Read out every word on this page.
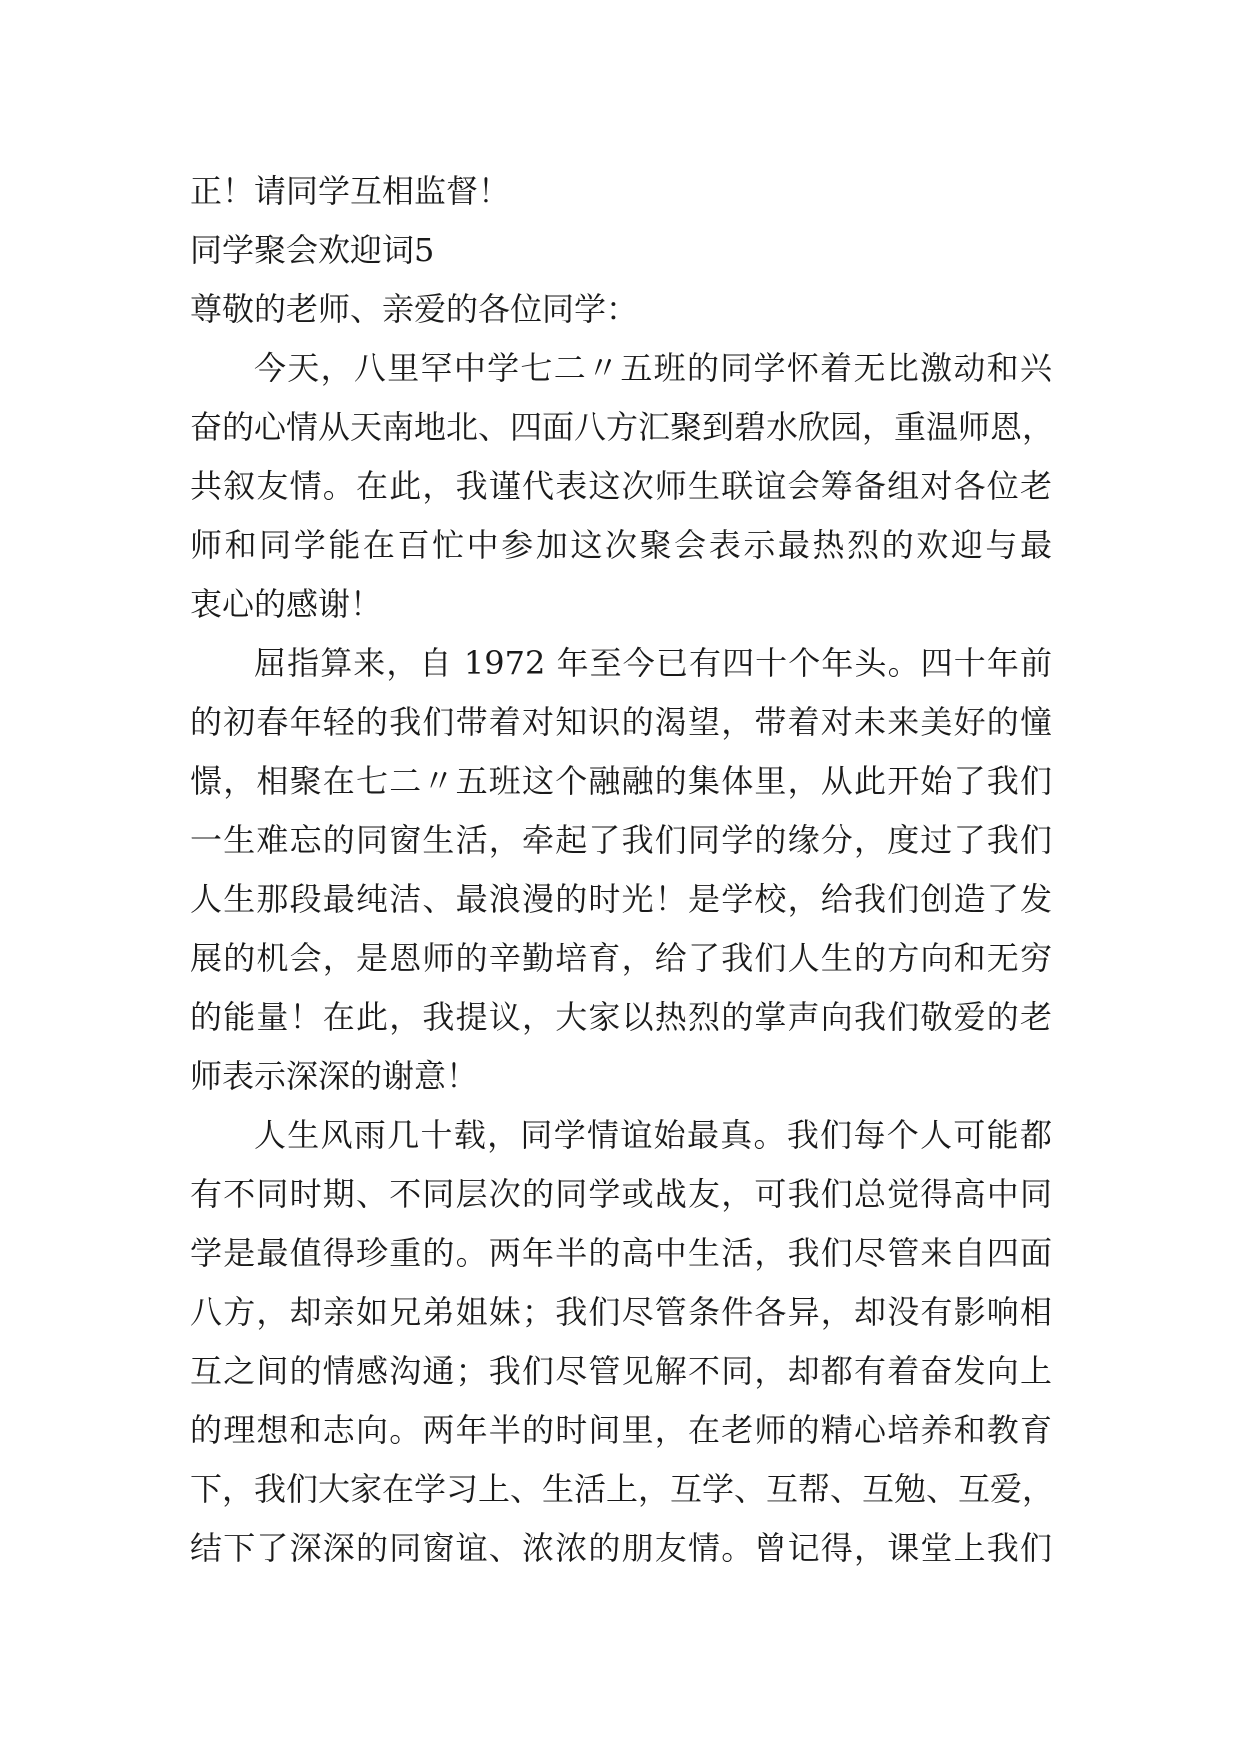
正！请同学互相监督！
同学聚会欢迎词5
尊敬的老师、亲爱的各位同学：
今天，八里罕中学七二〃五班的同学怀着无比激动和兴
奋的心情从天南地北、四面八方汇聚到碧水欣园，重温师恩，
共叙友情。在此，我谨代表这次师生联谊会筹备组对各位老
师和同学能在百忙中参加这次聚会表示最热烈的欢迎与最
衷心的感谢！
屈指算来，自 1972 年至今已有四十个年头。四十年前
的初春年轻的我们带着对知识的渴望，带着对未来美好的憧
憬，相聚在七二〃五班这个融融的集体里，从此开始了我们
一生难忘的同窗生活，牵起了我们同学的缘分，度过了我们
人生那段最纯洁、最浪漫的时光！是学校，给我们创造了发
展的机会，是恩师的辛勤培育，给了我们人生的方向和无穷
的能量！在此，我提议，大家以热烈的掌声向我们敬爱的老
师表示深深的谢意！
人生风雨几十载，同学情谊始最真。我们每个人可能都
有不同时期、不同层次的同学或战友，可我们总觉得高中同
学是最值得珍重的。两年半的高中生活，我们尽管来自四面
八方，却亲如兄弟姐妹；我们尽管条件各异，却没有影响相
互之间的情感沟通；我们尽管见解不同，却都有着奋发向上
的理想和志向。两年半的时间里，在老师的精心培养和教育
下，我们大家在学习上、生活上，互学、互帮、互勉、互爱，
结下了深深的同窗谊、浓浓的朋友情。曾记得，课堂上我们
